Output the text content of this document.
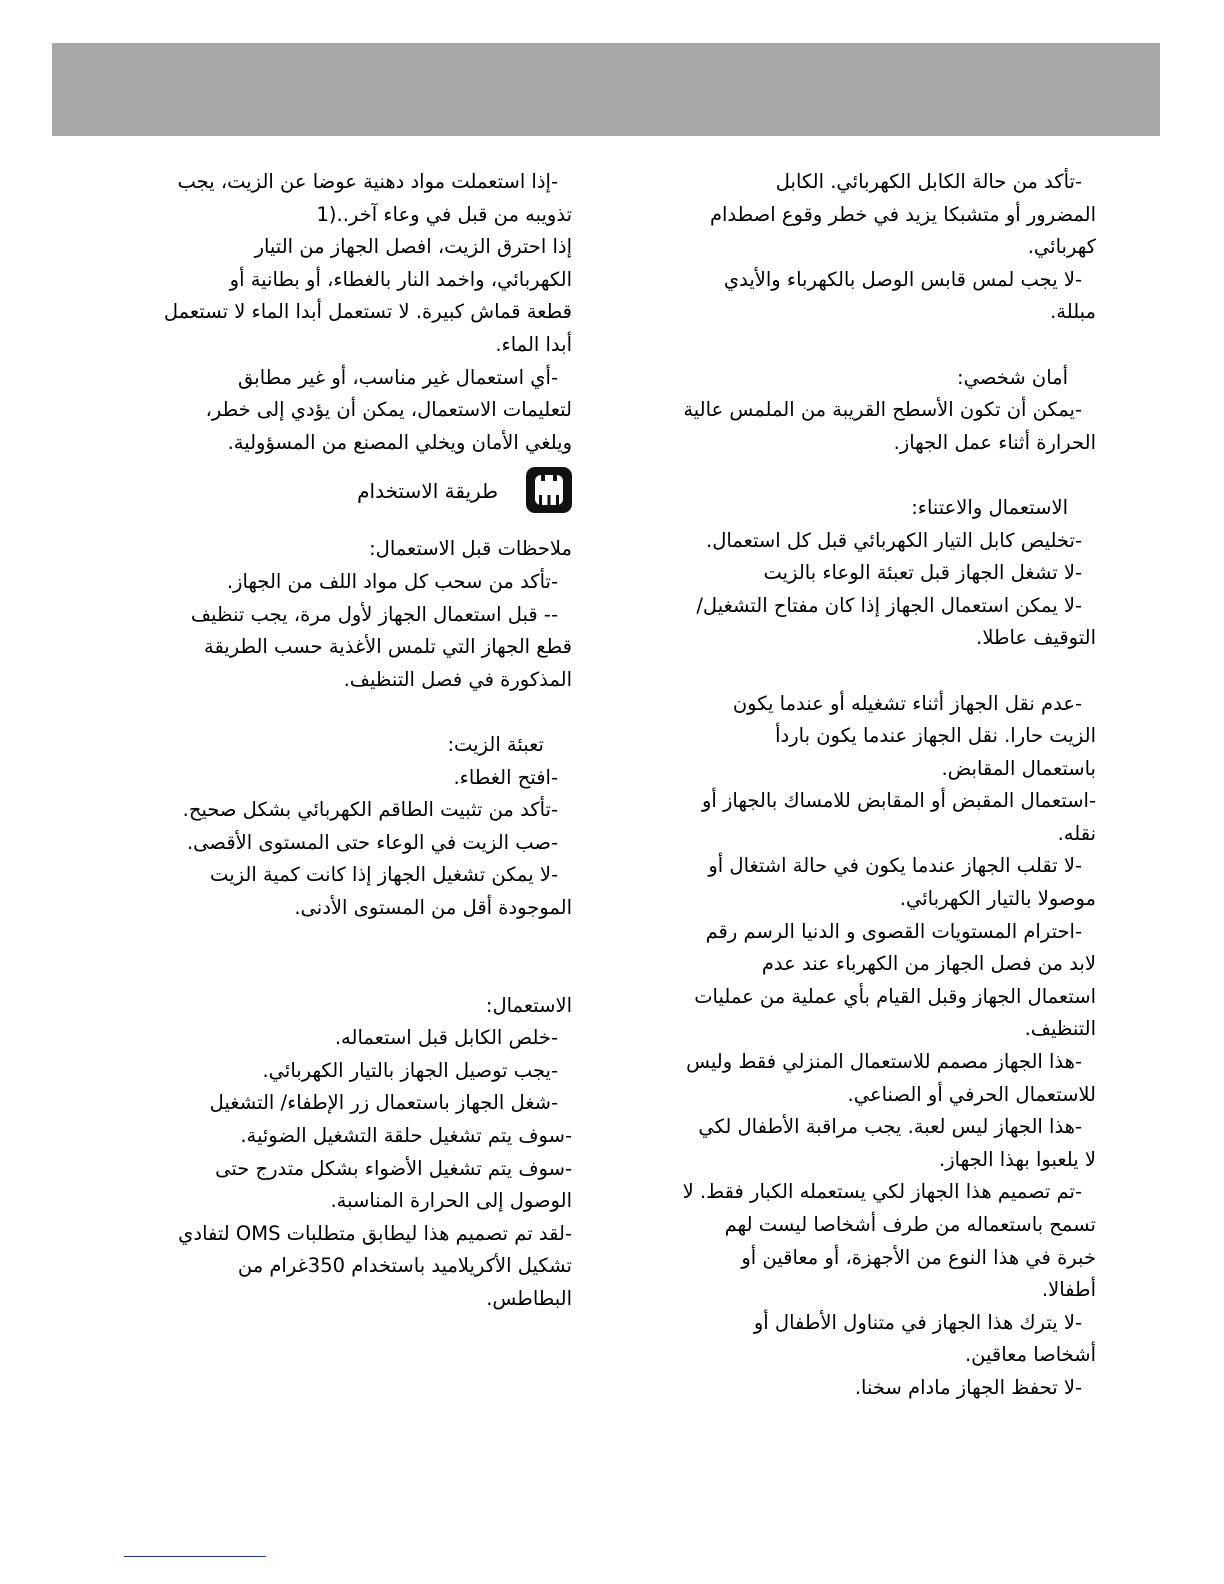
-تأكد من حالة الكابل الكهربائي. الكابل
المضرور أو متشبكا يزيد في خطر وقوع اصطدام
كهربائي.
-لا يجب لمس قابس الوصل بالكهرباء والأيدي
مبللة.
أمان شخصي:
-يمكن أن تكون الأسطح القريبة من الملمس عالية
الحرارة أثناء عمل الجهاز.
الاستعمال والاعتناء:
-تخليص كابل التيار الكهربائي قبل كل استعمال.
-لا تشغل الجهاز قبل تعبئة الوعاء بالزيت
-لا يمكن استعمال الجهاز إذا كان مفتاح التشغيل/
التوقيف عاطلا.
-عدم نقل الجهاز أثناء تشغيله أو عندما يكون
الزيت حارا. نقل الجهاز عندما يكون باردأ
باستعمال المقابض.
-استعمال المقبض أو المقابض للامساك بالجهاز أو
نقله.
-لا تقلب الجهاز عندما يكون في حالة اشتغال أو
موصولا بالتيار الكهربائي.
-احترام المستويات القصوى و الدنيا الرسم رقم
لابد من فصل الجهاز من الكهرباء عند عدم
استعمال الجهاز وقبل القيام بأي عملية من عمليات
التنظيف.
-هذا الجهاز مصمم للاستعمال المنزلي فقط وليس
للاستعمال الحرفي أو الصناعي.
-هذا الجهاز ليس لعبة. يجب مراقبة الأطفال لكي
لا يلعبوا بهذا الجهاز.
-تم تصميم هذا الجهاز لكي يستعمله الكبار فقط. لا
تسمح باستعماله من طرف أشخاصا ليست لهم
خبرة في هذا النوع من الأجهزة، أو معاقين أو
أطفالا.
-لا يترك هذا الجهاز في متناول الأطفال أو
أشخاصا معاقين.
-لا تحفظ الجهاز مادام سخنا.
-إذا استعملت مواد دهنية عوضا عن الزيت، يجب
تذويبه من قبل في وعاء آخر..(1
إذا احترق الزيت، افصل الجهاز من التيار
الكهربائي، واخمد النار بالغطاء، أو بطانية أو
قطعة قماش كبيرة. لا تستعمل أبدا الماء لا تستعمل
أبدا الماء.
-أي استعمال غير مناسب، أو غير مطابق
لتعليمات الاستعمال، يمكن أن يؤدي إلى خطر،
ويلغي الأمان ويخلي المصنع من المسؤولية.
طريقة الاستخدام
ملاحظات قبل الاستعمال:
-تأكد من سحب كل مواد اللف من الجهاز.
-- قبل استعمال الجهاز لأول مرة، يجب تنظيف
قطع الجهاز التي تلمس الأغذية حسب الطريقة
المذكورة في فصل التنظيف.
تعبئة الزيت:
-افتح الغطاء.
-تأكد من تثبيت الطاقم الكهربائي بشكل صحيح.
-صب الزيت في الوعاء حتى المستوى الأقصى.
-لا يمكن تشغيل الجهاز إذا كانت كمية الزيت
الموجودة أقل من المستوى الأدنى.
الاستعمال:
-خلص الكابل قبل استعماله.
-يجب توصيل الجهاز بالتيار الكهربائي.
-شغل الجهاز باستعمال زر الإطفاء/ التشغيل
-سوف يتم تشغيل حلقة التشغيل الضوئية.
-سوف يتم تشغيل الأضواء بشكل متدرج حتى
الوصول إلى الحرارة المناسبة.
-لقد تم تصميم هذا ليطابق متطلبات OMS لتفادي
تشكيل الأكريلاميد باستخدام 350غرام من
البطاطس.
